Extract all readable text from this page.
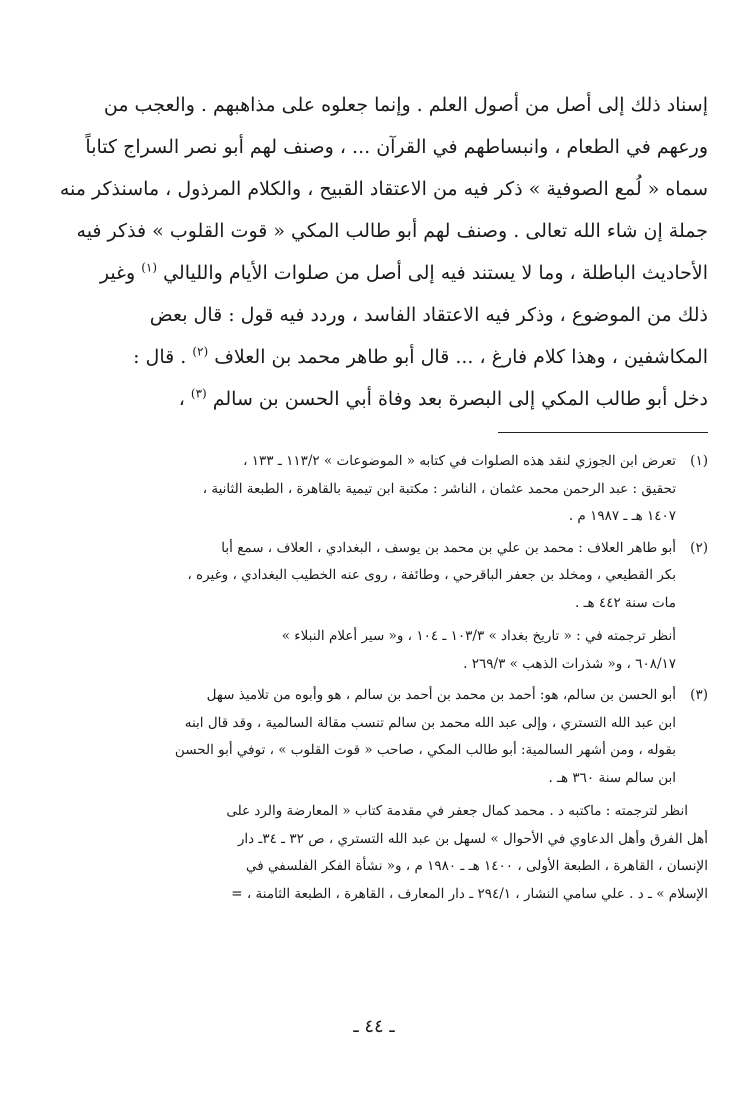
إسناد ذلك إلى أصل من أصول العلم . وإنما جعلوه على مذاهبهم . والعجب من

ورعهم في الطعام ، وانبساطهم في القرآن ... ، وصنف لهم أبو نصر السراج كتاباً

سماه « لُمع الصوفية » ذكر فيه من الاعتقاد القبيح ، والكلام المرذول ، ماسنذكر منه

جملة إن شاء الله تعالى . وصنف لهم أبو طالب المكي « قوت القلوب » فذكر فيه

الأحاديث الباطلة ، وما لا يستند فيه إلى أصل من صلوات الأيام والليالي $^{(١)}$ وغير

ذلك من الموضوع ، وذكر فيه الاعتقاد الفاسد ، وردد فيه قول : قال بعض

المكاشفين ، وهذا كلام فارغ ، ... قال أبو طاهر محمد بن العلاف $^{(٢)}$ . قال :

دخل أبو طالب المكي إلى البصرة بعد وفاة أبي الحسن بن سالم $^{(٣)}$ ،

(١)
تعرض ابن الجوزي لنقد هذه الصلوات في كتابه « الموضوعات » ١١٣/٢ ـ ١٣٣ ،
تحقيق : عبد الرحمن محمد عثمان ، الناشر : مكتبة ابن تيمية بالقاهرة ، الطبعة الثانية ،
١٤٠٧ هـ ـ ١٩٨٧ م .
(٢)
أبو طاهر العلاف : محمد بن علي بن محمد بن يوسف ، البغدادي ، العلاف ، سمع أبا
بكر القطيعي ، ومخلد بن جعفر الباقرحي ، وطائفة ، روى عنه الخطيب البغدادي ، وغيره ،
مات سنة ٤٤٢ هـ .
أنظر ترجمته في : « تاريخ بغداد » ١٠٣/٣ ـ ١٠٤ ، و« سير أعلام النبلاء »
٦٠٨/١٧ ، و« شذرات الذهب » ٢٦٩/٣ .
(٣)
أبو الحسن بن سالم، هو: أحمد بن محمد بن أحمد بن سالم ، هو وأبوه من تلاميذ سهل
ابن عبد الله التستري ، وإلى عبد الله محمد بن سالم تنسب مقالة السالمية ، وقد قال ابنه
بقوله ، ومن أشهر السالمية: أبو طالب المكي ، صاحب « قوت القلوب » ، توفي أبو الحسن
ابن سالم سنة ٣٦٠ هـ .
انظر لترجمته : ماكتبه د . محمد كمال جعفر في مقدمة كتاب « المعارضة والرد على
أهل الفرق وأهل الدعاوي في الأحوال » لسهل بن عبد الله التستري ، ص ٣٢ ـ ٣٤ـ دار
الإنسان ، القاهرة ، الطبعة الأولى ، ١٤٠٠ هـ ـ ١٩٨٠ م ، و« نشأة الفكر الفلسفي في
الإسلام » ـ د . علي سامي النشار ، ٢٩٤/١ ـ دار المعارف ، القاهرة ، الطبعة الثامنة ، =
ـ ٤٤ ـ
